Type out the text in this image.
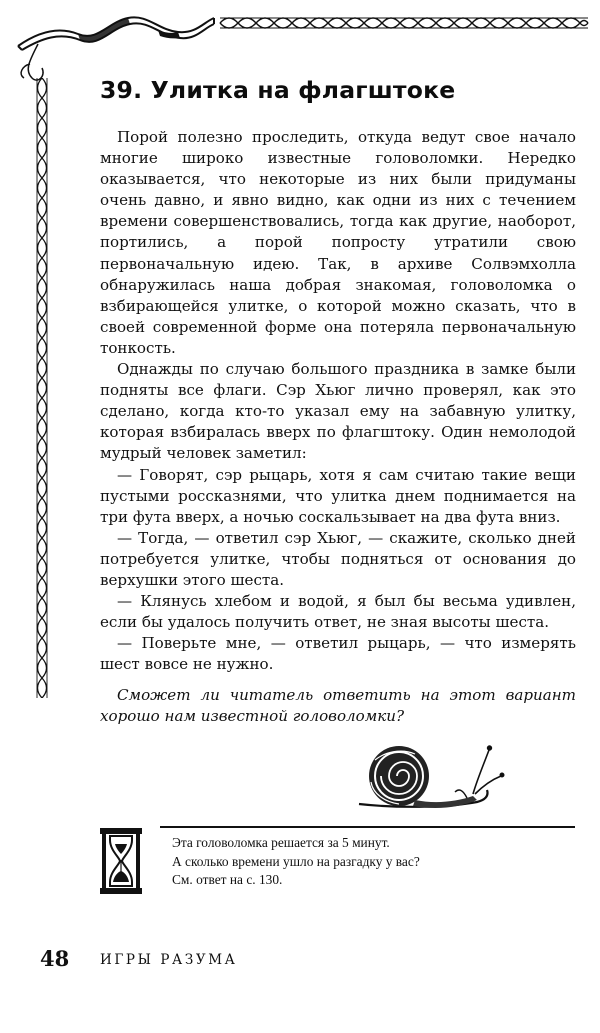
39. Улитка на флагштоке

Порой полезно проследить, откуда ведут свое начало многие широко известные головоломки. Нередко оказывается, что некоторые из них были придуманы очень давно, и явно видно, как одни из них с течением времени совершенствовались, тогда как другие, наоборот, портились, а порой попросту утратили свою первоначальную идею. Так, в архиве Солвэмхолла обнаружилась наша добрая знакомая, головоломка о взбирающейся улитке, о которой можно сказать, что в своей современной форме она потеряла первоначальную тонкость.

Однажды по случаю большого праздника в замке были подняты все флаги. Сэр Хьюг лично проверял, как это сделано, когда кто-то указал ему на забавную улитку, которая взбиралась вверх по флагштоку. Один немолодой мудрый человек заметил:

— Говорят, сэр рыцарь, хотя я сам считаю такие вещи пустыми россказнями, что улитка днем поднимается на три фута вверх, а ночью соскальзывает на два фута вниз.

— Тогда, — ответил сэр Хьюг, — скажите, сколько дней потребуется улитке, чтобы подняться от основания до верхушки этого шеста.

— Клянусь хлебом и водой, я был бы весьма удивлен, если бы удалось получить ответ, не зная высоты шеста.

— Поверьте мне, — ответил рыцарь, — что измерять шест вовсе не нужно.

Сможет ли читатель ответить на этот вариант хорошо нам известной головоломки?

Эта головоломка решается за 5 минут.
А сколько времени ушло на разгадку у вас?
См. ответ на с. 130.
48 ИГРЫ РАЗУМА
